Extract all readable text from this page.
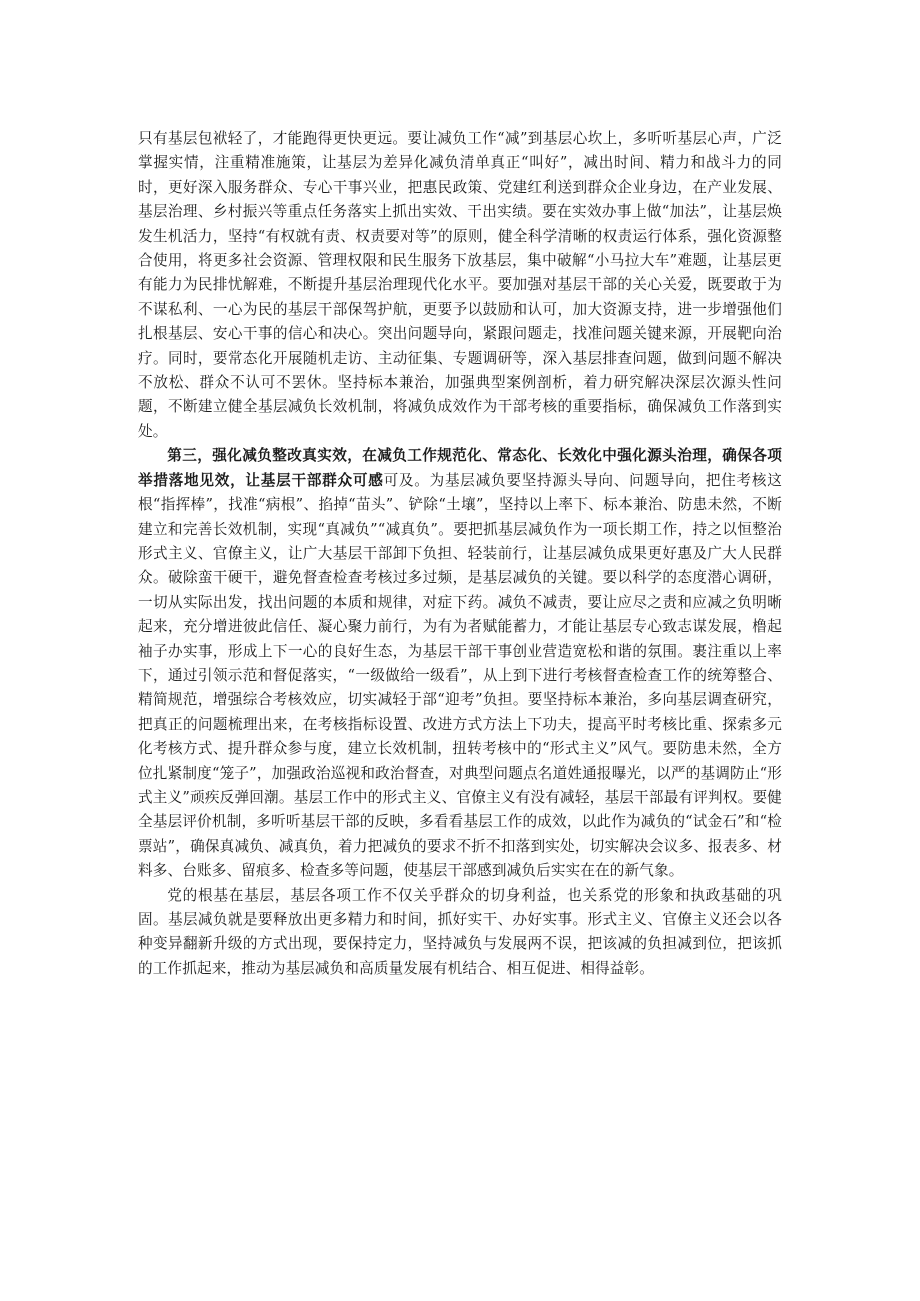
只有基层包袱轻了，才能跑得更快更远。要让减负工作“减”到基层心坎上，多听听基层心声，广泛掌握实情，注重精准施策，让基层为差异化减负清单真正“叫好”，减出时间、精力和战斗力的同时，更好深入服务群众、专心干事兴业，把惠民政策、党建红利送到群众企业身边，在产业发展、基层治理、乡村振兴等重点任务落实上抓出实效、干出实绩。要在实效办事上做“加法”，让基层焕发生机活力，坚持“有权就有责、权责要对等”的原则，健全科学清晰的权责运行体系，强化资源整合使用，将更多社会资源、管理权限和民生服务下放基层，集中破解“小马拉大车”难题，让基层更有能力为民排忧解难，不断提升基层治理现代化水平。要加强对基层干部的关心关爱，既要敢于为不谋私利、一心为民的基层干部保驾护航，更要予以鼓励和认可，加大资源支持，进一步增强他们扎根基层、安心干事的信心和决心。突出问题导向，紧跟问题走，找准问题关键来源，开展靶向治疗。同时，要常态化开展随机走访、主动征集、专题调研等，深入基层排查问题，做到问题不解决不放松、群众不认可不罢休。坚持标本兼治，加强典型案例剖析，着力研究解决深层次源头性问题，不断建立健全基层减负长效机制，将减负成效作为干部考核的重要指标，确保减负工作落到实处。

第三，强化减负整改真实效，在减负工作规范化、常态化、长效化中强化源头治理，确保各项举措落地见效，让基层干部群众可感可及。为基层减负要坚持源头导向、问题导向，把住考核这根“指挥棒”，找准“病根”、掐掉“苗头”、铲除“土壤”，坚持以上率下、标本兼治、防患未然，不断建立和完善长效机制，实现“真减负”“减真负”。要把抓基层减负作为一项长期工作，持之以恒整治形式主义、官僚主义，让广大基层干部卸下负担、轻装前行，让基层减负成果更好惠及广大人民群众。破除蛮干硬干，避免督查检查考核过多过频，是基层减负的关键。要以科学的态度潜心调研，一切从实际出发，找出问题的本质和规律，对症下药。减负不减责，要让应尽之责和应减之负明晰起来，充分增进彼此信任、凝心聚力前行，为有为者赋能蓄力，才能让基层专心致志谋发展，橹起袖子办实事，形成上下一心的良好生态，为基层干部干事创业营造宽松和谐的氛围。裹注重以上率下，通过引领示范和督促落实，“一级做给一级看”，从上到下进行考核督查检查工作的统筹整合、精简规范，增强综合考核效应，切实减轻于部“迎考”负担。要坚持标本兼治，多向基层调查研究，把真正的问题梳理出来，在考核指标设置、改进方式方法上下功夫，提高平时考核比重、探索多元化考核方式、提升群众参与度，建立长效机制，扭转考核中的“形式主义”风气。要防患未然，全方位扎紧制度“笼子”，加强政治巡视和政治督查，对典型问题点名道姓通报曝光，以严的基调防止“形式主义”顽疾反弹回潮。基层工作中的形式主义、官僚主义有没有减轻，基层干部最有评判权。要健全基层评价机制，多听听基层干部的反映，多看看基层工作的成效，以此作为减负的“试金石”和“检票站”，确保真减负、减真负，着力把减负的要求不折不扣落到实处，切实解决会议多、报表多、材料多、台账多、留痕多、检查多等问题，使基层干部感到减负后实实在在的新气象。

党的根基在基层，基层各项工作不仅关乎群众的切身利益，也关系党的形象和执政基础的巩固。基层减负就是要释放出更多精力和时间，抓好实干、办好实事。形式主义、官僚主义还会以各种变异翻新升级的方式出现，要保持定力，坚持减负与发展两不误，把该减的负担减到位，把该抓的工作抓起来，推动为基层减负和高质量发展有机结合、相互促进、相得益彰。
